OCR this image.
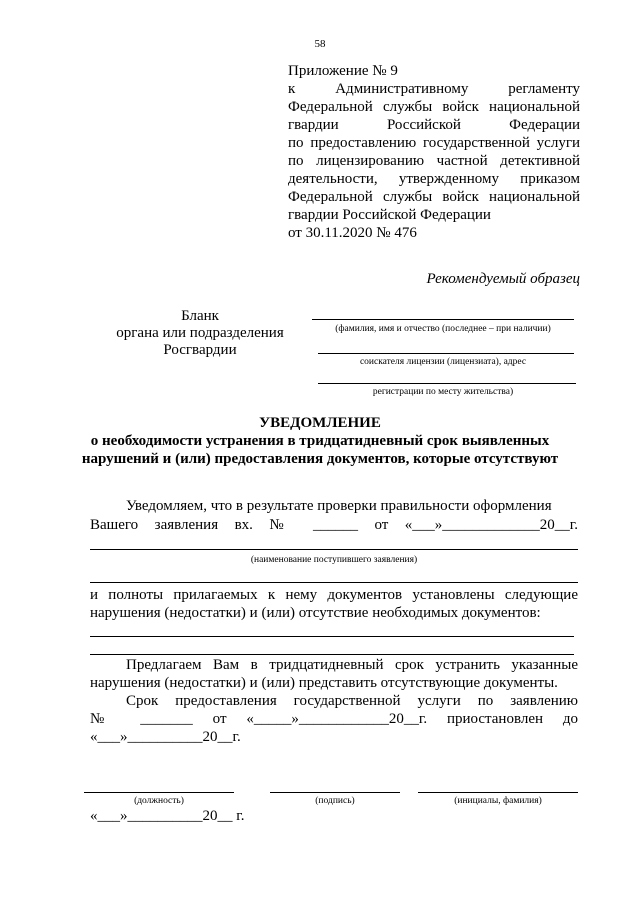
58
Приложение № 9
к Административному регламенту
Федеральной службы войск национальной
гвардии Российской Федерации
по предоставлению государственной услуги
по лицензированию частной детективной
деятельности, утвержденному приказом
Федеральной службы войск национальной
гвардии Российской Федерации
от 30.11.2020 № 476
Рекомендуемый образец
Бланк
органа или подразделения
Росгвардии
(фамилия, имя и отчество (последнее – при наличии)
соискателя лицензии (лицензиата), адрес
регистрации по месту жительства)
УВЕДОМЛЕНИЕ
о необходимости устранения в тридцатидневный срок выявленных
нарушений и (или) предоставления документов, которые отсутствуют
Уведомляем, что в результате проверки правильности оформления
Вашего заявления вх. № ______ от «___»_____________20__г.
(наименование поступившего заявления)
и полноты прилагаемых к нему документов установлены следующие
нарушения (недостатки) и (или) отсутствие необходимых документов:
Предлагаем Вам в тридцатидневный срок устранить указанные
нарушения (недостатки) и (или) представить отсутствующие документы.
Срок предоставления государственной услуги по заявлению
№ _______ от «_____»____________20__г. приостановлен до
«___»__________20__г.
(должность)	(подпись)	(инициалы, фамилия)
«___»__________20__ г.
